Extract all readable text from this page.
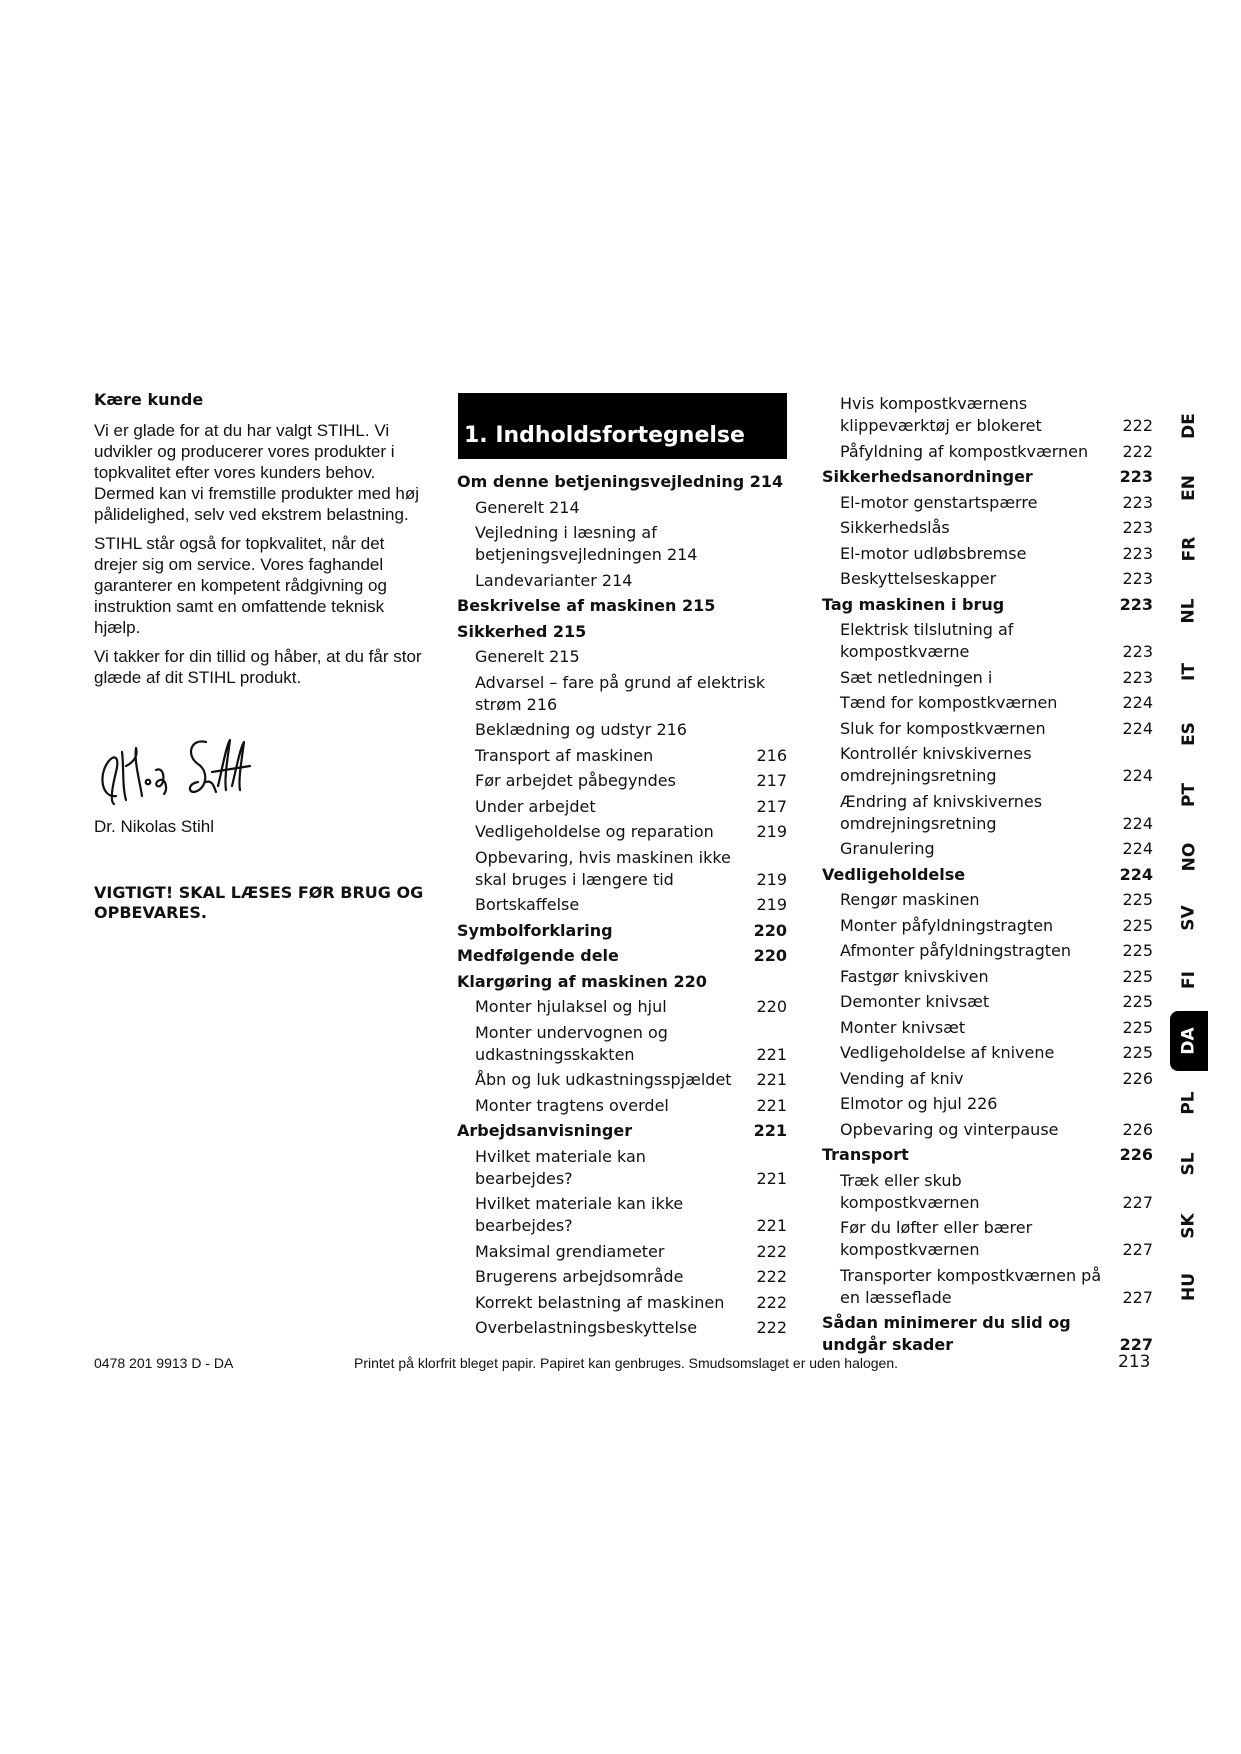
Kære kunde

Vi er glade for at du har valgt STIHL. Vi udvikler og producerer vores produkter i topkvalitet efter vores kunders behov. Dermed kan vi fremstille produkter med høj pålidelighed, selv ved ekstrem belastning.

STIHL står også for topkvalitet, når det drejer sig om service. Vores faghandel garanterer en kompetent rådgivning og instruktion samt en omfattende teknisk hjælp.

Vi takker for din tillid og håber, at du får stor glæde af dit STIHL produkt.

Dr. Nikolas Stihl
VIGTIGT! SKAL LÆSES FØR BRUG OG OPBEVARES.
1. Indholdsfortegnelse
Om denne betjeningsvejledning 214
Generelt 214
Vejledning i læsning af betjeningsvejledningen 214
Landevarianter 214
Beskrivelse af maskinen 215
Sikkerhed 215
Generelt 215
Advarsel – fare på grund af elektrisk strøm 216
Beklædning og udstyr 216
Transport af maskinen	216
Før arbejdet påbegyndes	217
Under arbejdet	217
Vedligeholdelse og reparation	219
Opbevaring, hvis maskinen ikke skal bruges i længere tid	219
Bortskaffelse	219
Symbolforklaring	220
Medfølgende dele	220
Klargøring af maskinen 220
Monter hjulaksel og hjul	220
Monter undervognen og udkastningsskakten	221
Åbn og luk udkastningsspjældet	221
Monter tragtens overdel	221
Arbejdsanvisninger	221
Hvilket materiale kan bearbejdes?	221
Hvilket materiale kan ikke bearbejdes?	221
Maksimal grendiameter	222
Brugerens arbejdsområde	222
Korrekt belastning af maskinen	222
Overbelastningsbeskyttelse	222
Hvis kompostkværnens klippeværktøj er blokeret	222
Påfyldning af kompostkværnen	222
Sikkerhedsanordninger	223
El-motor genstartspærre	223
Sikkerhedslås	223
El-motor udløbsbremse	223
Beskyttelseskapper	223
Tag maskinen i brug	223
Elektrisk tilslutning af kompostkværne	223
Sæt netledningen i	223
Tænd for kompostkværnen	224
Sluk for kompostkværnen	224
Kontrollér knivskivernes omdrejningsretning	224
Ændring af knivskivernes omdrejningsretning	224
Granulering	224
Vedligeholdelse	224
Rengør maskinen	225
Monter påfyldningstragten	225
Afmonter påfyldningstragten	225
Fastgør knivskiven	225
Demonter knivsæt	225
Monter knivsæt	225
Vedligeholdelse af knivene	225
Vending af kniv	226
Elmotor og hjul 226
Opbevaring og vinterpause	226
Transport	226
Træk eller skub kompostkværnen	227
Før du løfter eller bærer kompostkværnen	227
Transporter kompostkværnen på en læsseflade	227
Sådan minimerer du slid og undgår skader	227
DE
EN
FR
NL
IT
ES
PT
NO
SV
FI
DA
PL
SL
SK
HU
0478 201 9913 D - DA	Printet på klorfrit bleget papir. Papiret kan genbruges. Smudsomslaget er uden halogen.	213
